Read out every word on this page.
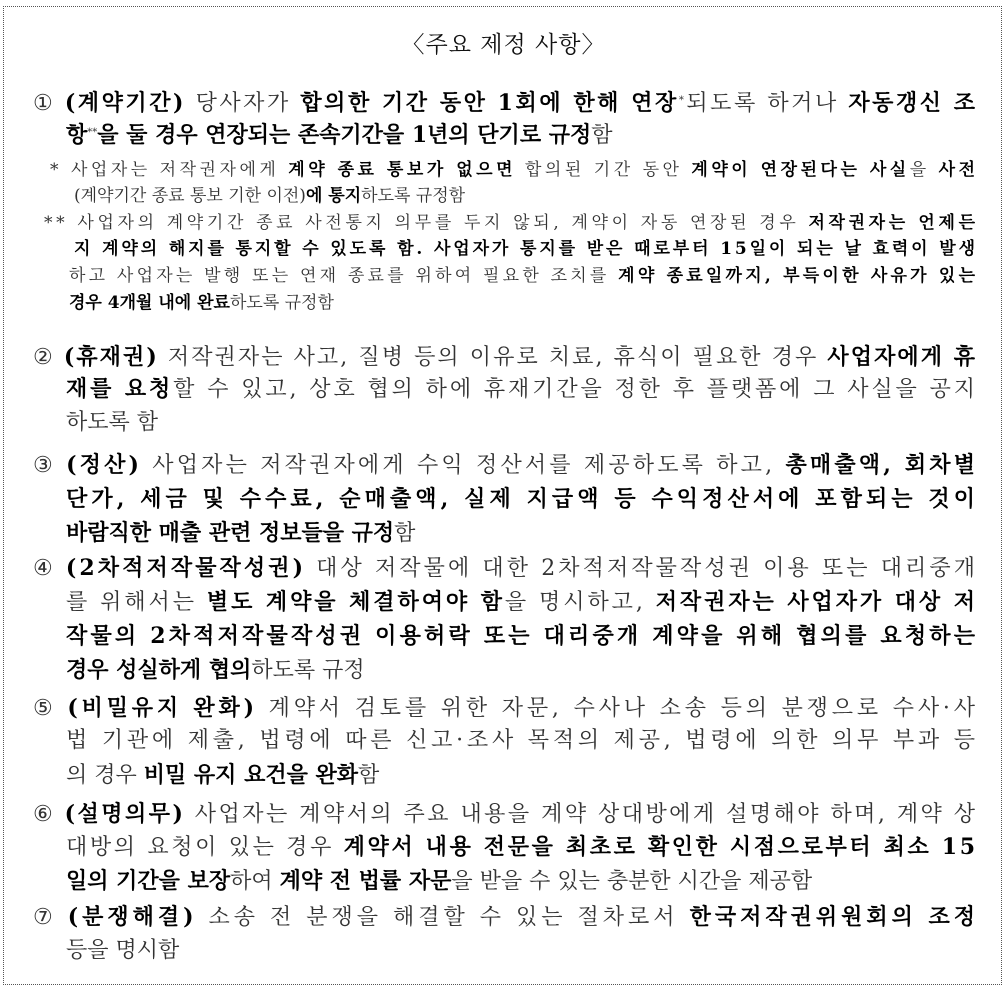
〈주요 제정 사항〉
① (계약기간) 당사자가 합의한 기간 동안 1회에 한해 연장*되도록 하거나 자동갱신 조
항**을 둘 경우 연장되는 존속기간을 1년의 단기로 규정함
* 사업자는 저작권자에게 계약 종료 통보가 없으면 합의된 기간 동안 계약이 연장된다는 사실을 사전
(계약기간 종료 통보 기한 이전)에 통지하도록 규정함
** 사업자의 계약기간 종료 사전통지 의무를 두지 않되, 계약이 자동 연장된 경우 저작권자는 언제든
지 계약의 해지를 통지할 수 있도록 함. 사업자가 통지를 받은 때로부터 15일이 되는 날 효력이 발생
하고 사업자는 발행 또는 연재 종료를 위하여 필요한 조치를 계약 종료일까지, 부득이한 사유가 있는
경우 4개월 내에 완료하도록 규정함
② (휴재권) 저작권자는 사고, 질병 등의 이유로 치료, 휴식이 필요한 경우 사업자에게 휴
재를 요청할 수 있고, 상호 협의 하에 휴재기간을 정한 후 플랫폼에 그 사실을 공지
하도록 함
③ (정산) 사업자는 저작권자에게 수익 정산서를 제공하도록 하고, 총매출액, 회차별
단가, 세금 및 수수료, 순매출액, 실제 지급액 등 수익정산서에 포함되는 것이
바람직한 매출 관련 정보들을 규정함
④ (2차적저작물작성권) 대상 저작물에 대한 2차적저작물작성권 이용 또는 대리중개
를 위해서는 별도 계약을 체결하여야 함을 명시하고, 저작권자는 사업자가 대상 저
작물의 2차적저작물작성권 이용허락 또는 대리중개 계약을 위해 협의를 요청하는
경우 성실하게 협의하도록 규정
⑤ (비밀유지 완화) 계약서 검토를 위한 자문, 수사나 소송 등의 분쟁으로 수사·사
법 기관에 제출, 법령에 따른 신고·조사 목적의 제공, 법령에 의한 의무 부과 등
의 경우 비밀 유지 요건을 완화함
⑥ (설명의무) 사업자는 계약서의 주요 내용을 계약 상대방에게 설명해야 하며, 계약 상
대방의 요청이 있는 경우 계약서 내용 전문을 최초로 확인한 시점으로부터 최소 15
일의 기간을 보장하여 계약 전 법률 자문을 받을 수 있는 충분한 시간을 제공함
⑦ (분쟁해결) 소송 전 분쟁을 해결할 수 있는 절차로서 한국저작권위원회의 조정
등을 명시함
